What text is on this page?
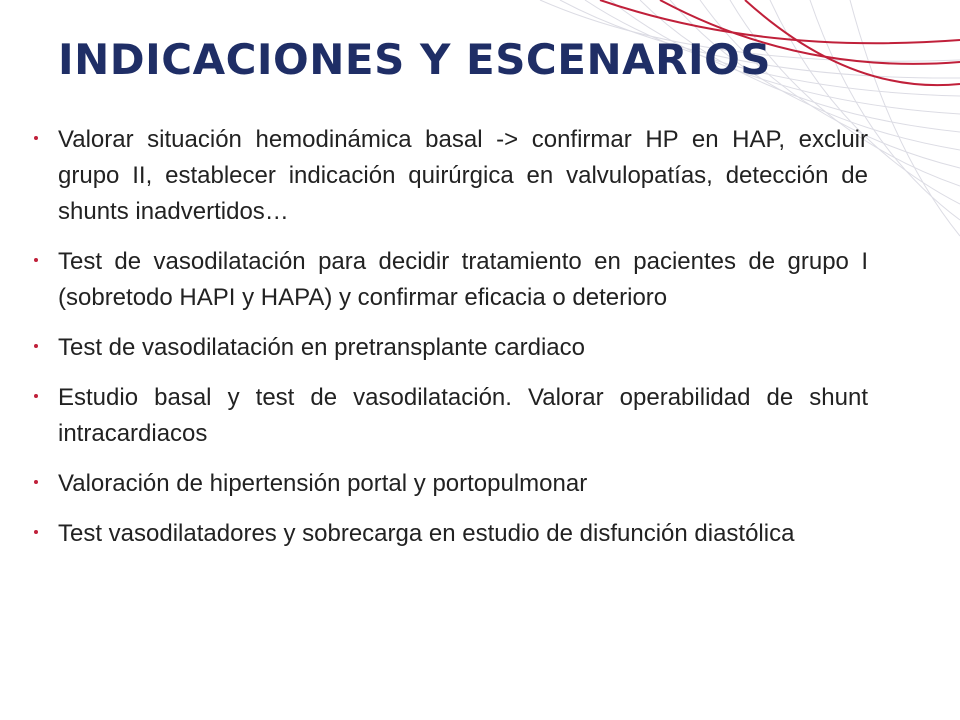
INDICACIONES Y ESCENARIOS
Valorar situación hemodinámica basal -> confirmar HP en HAP, excluir grupo II, establecer indicación quirúrgica en valvulopatías, detección de shunts inadvertidos…
Test de vasodilatación para decidir tratamiento en pacientes de grupo I (sobretodo HAPI y HAPA) y confirmar eficacia o deterioro
Test de vasodilatación en pretransplante cardiaco
Estudio basal y test de vasodilatación. Valorar operabilidad de shunt intracardiacos
Valoración de hipertensión portal y portopulmonar
Test vasodilatadores y sobrecarga en estudio de disfunción diastólica
